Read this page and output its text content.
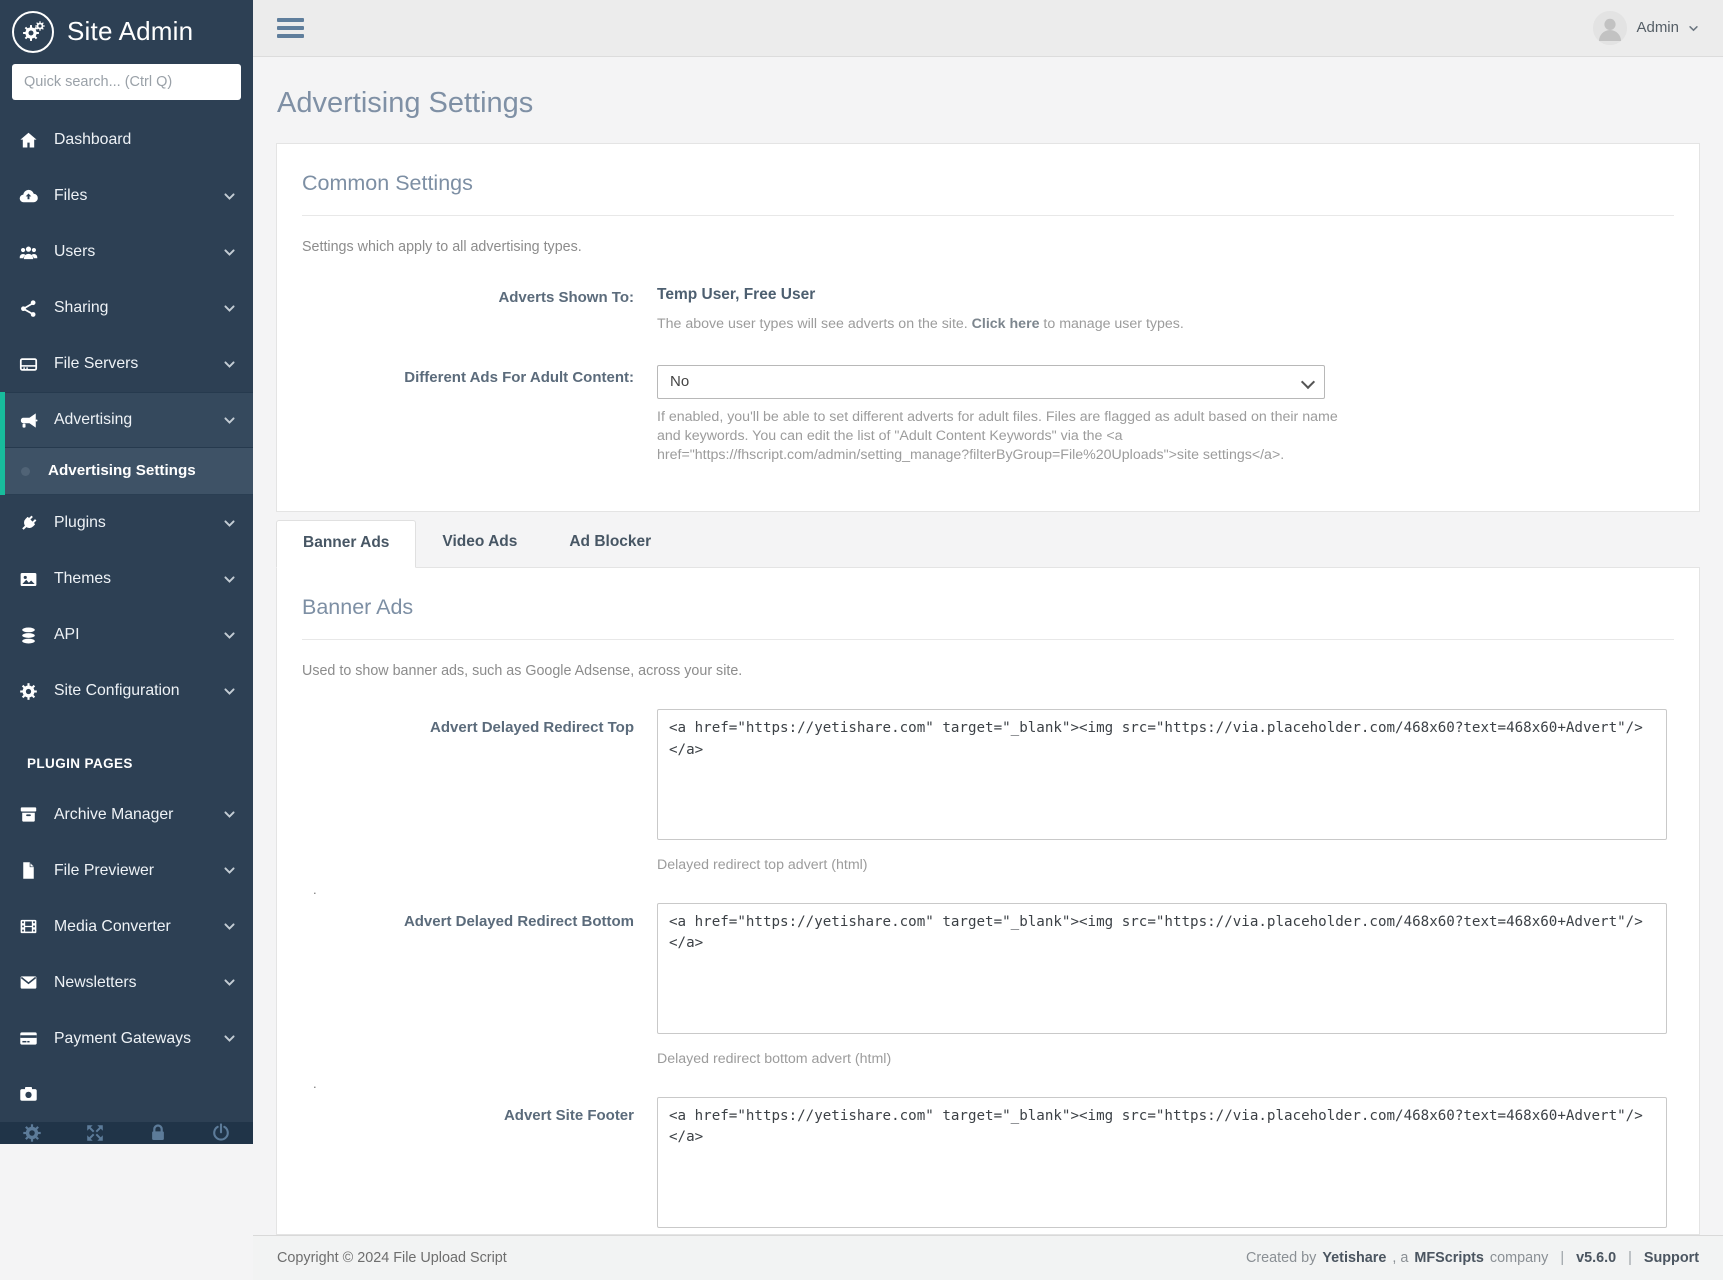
Site Admin
Quick search... (Ctrl Q)
Dashboard
Files
Users
Sharing
File Servers
Advertising
Advertising Settings
Plugins
Themes
API
Site Configuration
PLUGIN PAGES
Archive Manager
File Previewer
Media Converter
Newsletters
Payment Gateways
Admin
Advertising Settings
Common Settings
Settings which apply to all advertising types.
Adverts Shown To: Temp User, Free User
The above user types will see adverts on the site. Click here to manage user types.
Different Ads For Adult Content:
No
If enabled, you'll be able to set different adverts for adult files. Files are flagged as adult based on their name and keywords. You can edit the list of "Adult Content Keywords" via the <a href="https://fhscript.com/admin/setting_manage?filterByGroup=File%20Uploads">site settings</a>.
Banner Ads	Video Ads	Ad Blocker
Banner Ads
Used to show banner ads, such as Google Adsense, across your site.
Advert Delayed Redirect Top
<a href="https://yetishare.com" target="_blank"><img src="https://via.placeholder.com/468x60?text=468x60+Advert"/> </a>
Delayed redirect top advert (html)
.
Advert Delayed Redirect Bottom
<a href="https://yetishare.com" target="_blank"><img src="https://via.placeholder.com/468x60?text=468x60+Advert"/> </a>
Delayed redirect bottom advert (html)
.
Advert Site Footer
<a href="https://yetishare.com" target="_blank"><img src="https://via.placeholder.com/468x60?text=468x60+Advert"/> </a>
Copyright © 2024 File Upload Script	Created by Yetishare , a MFScripts company | v5.6.0 | Support
